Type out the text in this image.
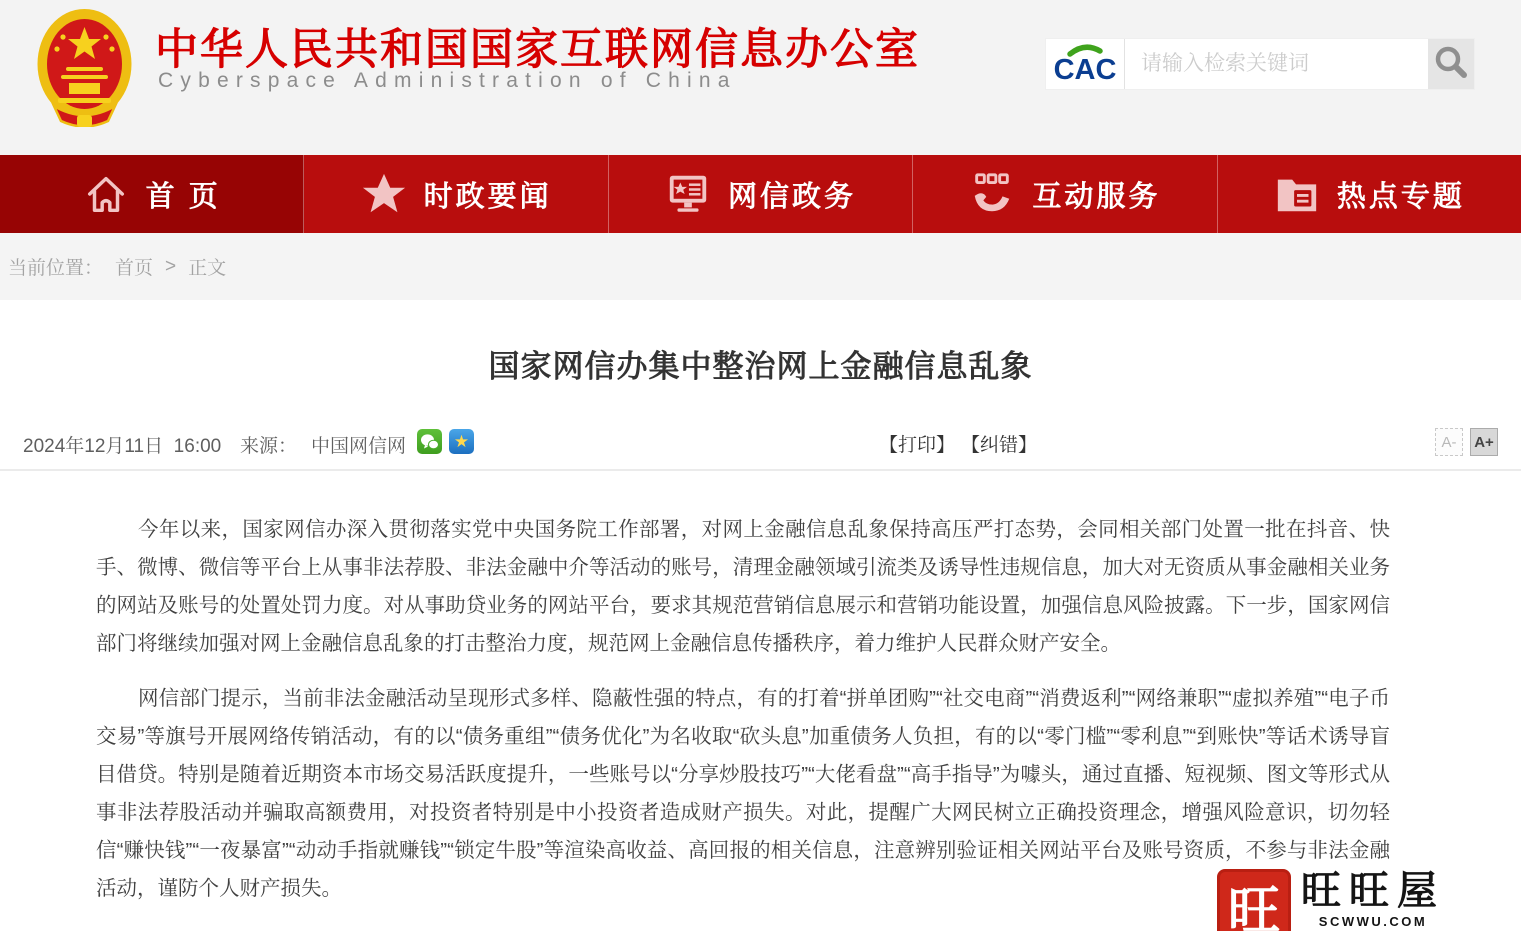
中华人民共和国国家互联网信息办公室
Cyberspace Administration of China	CAC
请输入检索关键词
首 页	时政要闻	网信政务	互动服务	热点专题
当前位置： 首页 > 正文
国家网信办集中整治网上金融信息乱象
2024年12月11日  16:00 来源： 中国网信网	★	【打印】 【纠错】	A-	A+

今年以来，国家网信办深入贯彻落实党中央国务院工作部署，对网上金融信息乱象保持高压严打态势，会同相关部门处置一批在抖音、快手、微博、微信等平台上从事非法荐股、非法金融中介等活动的账号，清理金融领域引流类及诱导性违规信息，加大对无资质从事金融相关业务的网站及账号的处置处罚力度。对从事助贷业务的网站平台，要求其规范营销信息展示和营销功能设置，加强信息风险披露。下一步，国家网信部门将继续加强对网上金融信息乱象的打击整治力度，规范网上金融信息传播秩序，着力维护人民群众财产安全。

网信部门提示，当前非法金融活动呈现形式多样、隐蔽性强的特点，有的打着“拼单团购”“社交电商”“消费返利”“网络兼职”“虚拟养殖”“电子币交易”等旗号开展网络传销活动，有的以“债务重组”“债务优化”为名收取“砍头息”加重债务人负担，有的以“零门槛”“零利息”“到账快”等话术诱导盲目借贷。特别是随着近期资本市场交易活跃度提升，一些账号以“分享炒股技巧”“大佬看盘”“高手指导”为噱头，通过直播、短视频、图文等形式从事非法荐股活动并骗取高额费用，对投资者特别是中小投资者造成财产损失。对此，提醒广大网民树立正确投资理念，增强风险意识，切勿轻信“赚快钱”“一夜暴富”“动动手指就赚钱”“锁定牛股”等渲染高收益、高回报的相关信息，注意辨别验证相关网站平台及账号资质，不参与非法金融活动，谨防个人财产损失。	旺 旺旺屋
SCWWU.COM
